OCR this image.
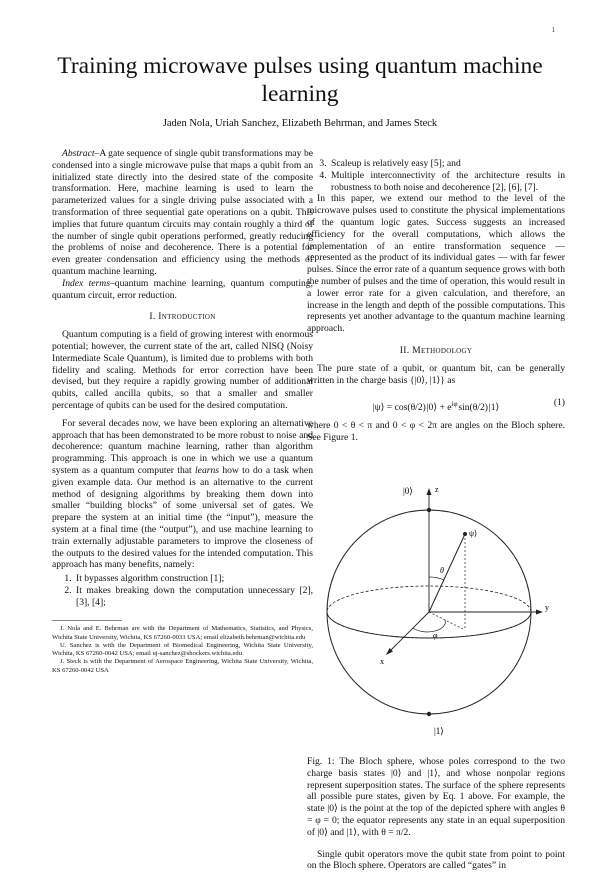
1
Training microwave pulses using quantum machine learning
Jaden Nola, Uriah Sanchez, Elizabeth Behrman, and James Steck

Abstract–A gate sequence of single qubit transformations may be condensed into a single microwave pulse that maps a qubit from an initialized state directly into the desired state of the composite transformation. Here, machine learning is used to learn the parameterized values for a single driving pulse associated with a transformation of three sequential gate operations on a qubit. This implies that future quantum circuits may contain roughly a third of the number of single qubit operations performed, greatly reducing the problems of noise and decoherence. There is a potential for even greater condensation and efficiency using the methods of quantum machine learning.

Index terms–quantum machine learning, quantum computing, quantum circuit, error reduction.

I. Introduction

Quantum computing is a field of growing interest with enormous potential; however, the current state of the art, called NISQ (Noisy Intermediate Scale Quantum), is limited due to problems with both fidelity and scaling. Methods for error correction have been devised, but they require a rapidly growing number of additional qubits, called ancilla qubits, so that a smaller and smaller percentage of qubits can be used for the desired computation.

For several decades now, we have been exploring an alternative approach that has been demonstrated to be more robust to noise and decoherence: quantum machine learning, rather than algorithm programming. This approach is one in which we use a quantum system as a quantum computer that learns how to do a task when given example data. Our method is an alternative to the current method of designing algorithms by breaking them down into smaller “building blocks” of some universal set of gates. We prepare the system at an initial time (the “input”), measure the system at a final time (the “output”), and use machine learning to train externally adjustable parameters to improve the closeness of the outputs to the desired values for the intended computation. This approach has many benefits, namely:

1. It bypasses algorithm construction [1];
2. It makes breaking down the computation unnecessary [2], [3], [4];
J. Nola and E. Behrman are with the Department of Mathematics, Statistics, and Physics, Wichita State University, Wichita, KS 67260-0033 USA; email elizabeth.behrman@wichita.edu
U. Sanchez is with the Department of Biomedical Engineering, Wichita State University, Wichita, KS 67260-0042 USA; email uj-sanchez@shockers.wichita.edu
J. Steck is with the Department of Aerospace Engineering, Wichita State University, Wichita, KS 67260-0042 USA
3. Scaleup is relatively easy [5]; and
4. Multiple interconnectivity of the architecture results in robustness to both noise and decoherence [2], [6], [7].

In this paper, we extend our method to the level of the microwave pulses used to constitute the physical implementations of the quantum logic gates. Success suggests an increased efficiency for the overall computations, which allows the implementation of an entire transformation sequence — represented as the product of its individual gates — with far fewer pulses. Since the error rate of a quantum sequence grows with both the number of pulses and the time of operation, this would result in a lower error rate for a given calculation, and therefore, an increase in the length and depth of the possible computations. This represents yet another advantage to the quantum machine learning approach.

II. Methodology

The pure state of a qubit, or quantum bit, can be generally written in the charge basis {|0⟩, |1⟩} as

|ψ⟩ = cos(θ/2) |0⟩ + $e^{i\varphi}$ sin(θ/2) |1⟩	(1)

where 0 < θ < π and 0 < φ < 2π are angles on the Bloch sphere. See Figure 1.

|0⟩	z
y
x
ψ⟩
θ
φ
|1⟩

Fig. 1: The Bloch sphere, whose poles correspond to the two charge basis states |0⟩ and |1⟩, and whose nonpolar regions represent superposition states. The surface of the sphere represents all possible pure states, given by Eq. 1 above. For example, the state |0⟩ is the point at the top of the depicted sphere with angles θ = φ = 0; the equator represents any state in an equal superposition of |0⟩ and |1⟩, with θ = π/2.

Single qubit operators move the qubit state from point to point on the Bloch sphere. Operators are called “gates” in
